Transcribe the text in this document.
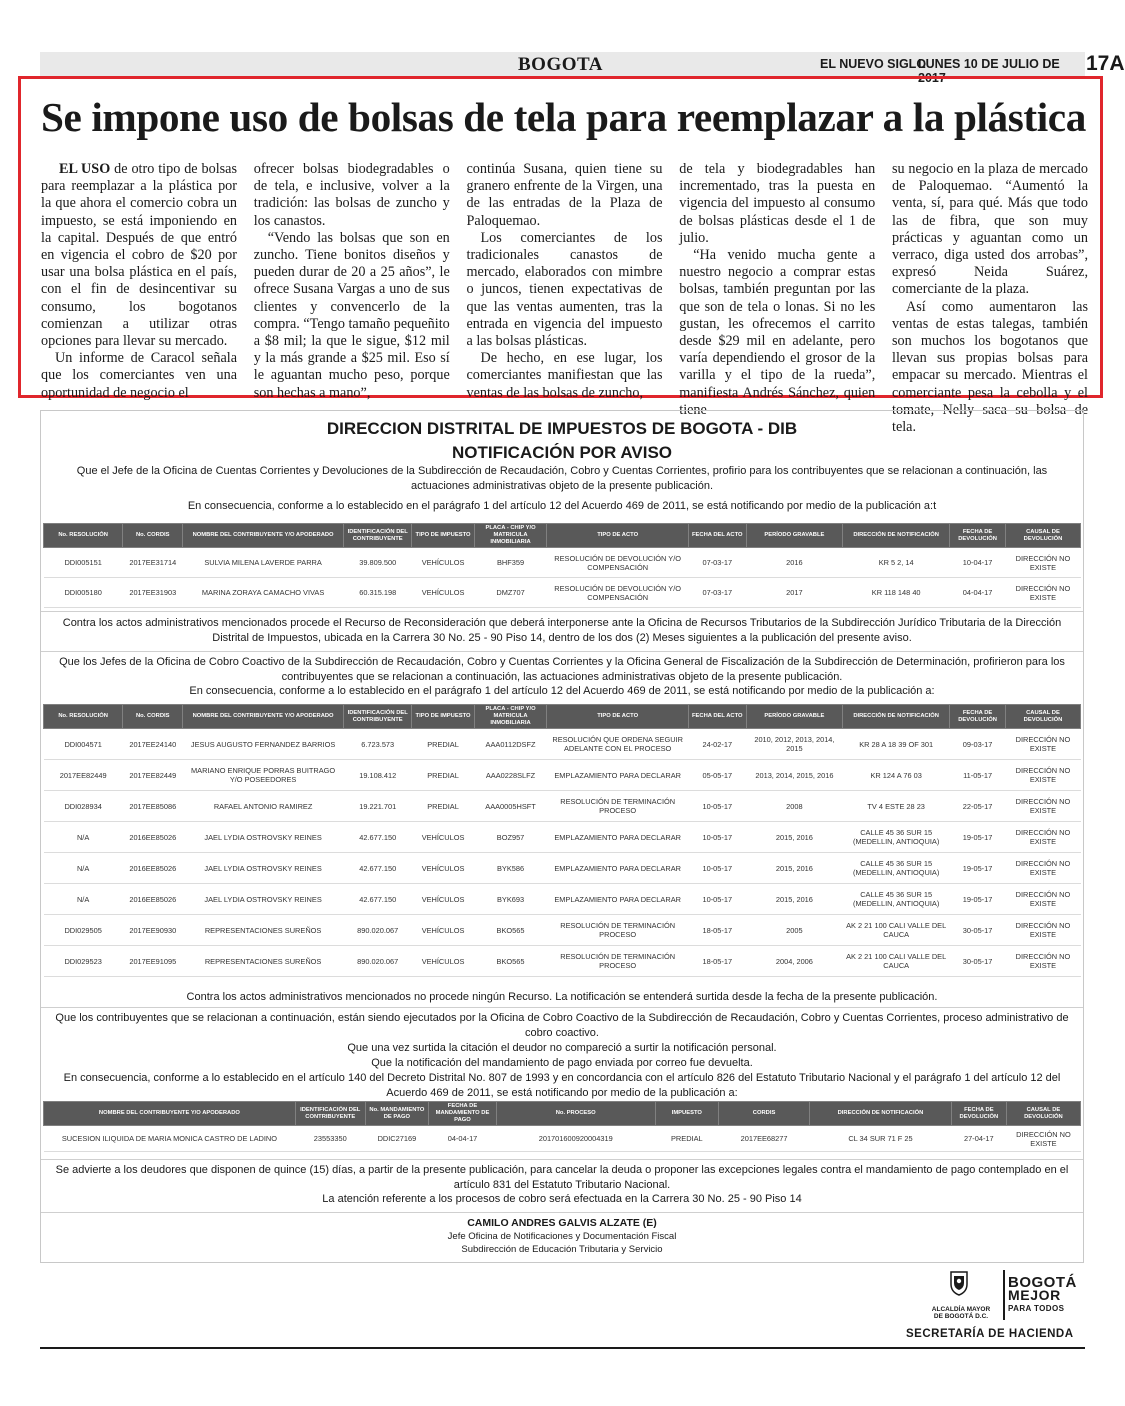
BOGOTA	EL NUEVO SIGLO
LUNES 10 DE JULIO DE 2017
17A
Se impone uso de bolsas de tela para reemplazar a la plástica

EL USO de otro tipo de bolsas para reemplazar a la plástica por la que ahora el comercio cobra un impuesto, se está imponiendo en la capital. Después de que entró en vigencia el cobro de $20 por usar una bolsa plástica en el país, con el fin de desincentivar su consumo, los bogotanos comienzan a utilizar otras opciones para llevar su mercado.

Un informe de Caracol señala que los comerciantes ven una oportunidad de negocio el

ofrecer bolsas biodegradables o de tela, e inclusive, volver a la tradición: las bolsas de zuncho y los canastos.

“Vendo las bolsas que son en zuncho. Tiene bonitos diseños y pueden durar de 20 a 25 años”, le ofrece Susana Vargas a uno de sus clientes y convencerlo de la compra. “Tengo tamaño pequeñito a $8 mil; la que le sigue, $12 mil y la más grande a $25 mil. Eso sí le aguantan mucho peso, porque son hechas a mano”,

continúa Susana, quien tiene su granero enfrente de la Virgen, una de las entradas de la Plaza de Paloquemao.

Los comerciantes de los tradicionales canastos de mercado, elaborados con mimbre o juncos, tienen expectativas de que las ventas aumenten, tras la entrada en vigencia del impuesto a las bolsas plásticas.

De hecho, en ese lugar, los comerciantes manifiestan que las ventas de las bolsas de zuncho,

de tela y biodegradables han incrementado, tras la puesta en vigencia del impuesto al consumo de bolsas plásticas desde el 1 de julio.

“Ha venido mucha gente a nuestro negocio a comprar estas bolsas, también preguntan por las que son de tela o lonas. Si no les gustan, les ofrecemos el carrito desde $29 mil en adelante, pero varía dependiendo el grosor de la varilla y el tipo de la rueda”, manifiesta Andrés Sánchez, quien tiene

su negocio en la plaza de mercado de Paloquemao. “Aumentó la venta, sí, para qué. Más que todo las de fibra, que son muy prácticas y aguantan como un verraco, diga usted dos arrobas”, expresó Neida Suárez, comerciante de la plaza.

Así como aumentaron las ventas de estas talegas, también son muchos los bogotanos que llevan sus propias bolsas para empacar su mercado. Mientras el comerciante pesa la cebolla y el tomate, Nelly saca su bolsa de tela.

DIRECCION DISTRITAL DE IMPUESTOS DE BOGOTA - DIB
NOTIFICACIÓN POR AVISO
Que el Jefe de la Oficina de Cuentas Corrientes y Devoluciones de la Subdirección de Recaudación, Cobro y Cuentas Corrientes, profirio para los contribuyentes que se relacionan a continuación, las actuaciones administrativas objeto de la presente publicación.
En consecuencia, conforme a lo establecido en el parágrafo 1 del artículo 12 del Acuerdo 469 de 2011, se está notificando por medio de la publicación a:t
No. RESOLUCIÓN	No. CORDIS	NOMBRE DEL CONTRIBUYENTE Y/O APODERADO	IDENTIFICACIÓN DEL CONTRIBUYENTE	TIPO DE IMPUESTO	PLACA - CHIP Y/O MATRICULA INMOBILIARIA	TIPO DE ACTO	FECHA DEL ACTO	PERÍODO GRAVABLE	DIRECCIÓN DE NOTIFICACIÓN	FECHA DE DEVOLUCIÓN	CAUSAL DE DEVOLUCIÓN
DDI005151	2017EE31714	SULVIA MILENA LAVERDE PARRA	39.809.500	VEHÍCULOS	BHF359	RESOLUCIÓN DE DEVOLUCIÓN Y/O COMPENSACIÓN	07-03-17	2016	KR 5 2, 14	10-04-17	DIRECCIÓN NO EXISTE
DDI005180	2017EE31903	MARINA ZORAYA CAMACHO VIVAS	60.315.198	VEHÍCULOS	DMZ707	RESOLUCIÓN DE DEVOLUCIÓN Y/O COMPENSACIÓN	07-03-17	2017	KR 118 148 40	04-04-17	DIRECCIÓN NO EXISTE
Contra los actos administrativos mencionados procede el Recurso de Reconsideración que deberá interponerse ante la Oficina de Recursos Tributarios de la Subdirección Jurídico Tributaria de la Dirección Distrital de Impuestos, ubicada en la Carrera 30 No. 25 - 90 Piso 14, dentro de los dos (2) Meses siguientes a la publicación del presente aviso.
Que los Jefes de la Oficina de Cobro Coactivo de la Subdirección de Recaudación, Cobro y Cuentas Corrientes y la Oficina General de Fiscalización de la Subdirección de Determinación, profirieron para los contribuyentes que se relacionan a continuación, las actuaciones administrativas objeto de la presente publicación.
En consecuencia, conforme a lo establecido en el parágrafo 1 del artículo 12 del Acuerdo 469 de 2011, se está notificando por medio de la publicación a:
No. RESOLUCIÓN	No. CORDIS	NOMBRE DEL CONTRIBUYENTE Y/O APODERADO	IDENTIFICACIÓN DEL CONTRIBUYENTE	TIPO DE IMPUESTO	PLACA - CHIP Y/O MATRICULA INMOBILIARIA	TIPO DE ACTO	FECHA DEL ACTO	PERÍODO GRAVABLE	DIRECCIÓN DE NOTIFICACIÓN	FECHA DE DEVOLUCIÓN	CAUSAL DE DEVOLUCIÓN
DDI004571	2017EE24140	JESUS AUGUSTO FERNANDEZ BARRIOS	6.723.573	PREDIAL	AAA0112DSFZ	RESOLUCIÓN QUE ORDENA SEGUIR ADELANTE CON EL PROCESO	24-02-17	2010, 2012, 2013, 2014, 2015	KR 28 A 18 39 OF 301	09-03-17	DIRECCIÓN NO EXISTE
2017EE82449	2017EE82449	MARIANO ENRIQUE PORRAS BUITRAGO Y/O POSEEDORES	19.108.412	PREDIAL	AAA0228SLFZ	EMPLAZAMIENTO PARA DECLARAR	05-05-17	2013, 2014, 2015, 2016	KR 124 A 76 03	11-05-17	DIRECCIÓN NO EXISTE
DDI028934	2017EE85086	RAFAEL ANTONIO RAMIREZ	19.221.701	PREDIAL	AAA0005HSFT	RESOLUCIÓN DE TERMINACIÓN PROCESO	10-05-17	2008	TV 4 ESTE 28 23	22-05-17	DIRECCIÓN NO EXISTE
N/A	2016EE85026	JAEL LYDIA OSTROVSKY REINES	42.677.150	VEHÍCULOS	BOZ957	EMPLAZAMIENTO PARA DECLARAR	10-05-17	2015, 2016	CALLE 45 36 SUR 15 (MEDELLIN, ANTIOQUIA)	19-05-17	DIRECCIÓN NO EXISTE
N/A	2016EE85026	JAEL LYDIA OSTROVSKY REINES	42.677.150	VEHÍCULOS	BYK586	EMPLAZAMIENTO PARA DECLARAR	10-05-17	2015, 2016	CALLE 45 36 SUR 15 (MEDELLIN, ANTIOQUIA)	19-05-17	DIRECCIÓN NO EXISTE
N/A	2016EE85026	JAEL LYDIA OSTROVSKY REINES	42.677.150	VEHÍCULOS	BYK693	EMPLAZAMIENTO PARA DECLARAR	10-05-17	2015, 2016	CALLE 45 36 SUR 15 (MEDELLIN, ANTIOQUIA)	19-05-17	DIRECCIÓN NO EXISTE
DDI029505	2017EE90930	REPRESENTACIONES SUREÑOS	890.020.067	VEHÍCULOS	BKO565	RESOLUCIÓN DE TERMINACIÓN PROCESO	18-05-17	2005	AK 2 21 100 CALI VALLE DEL CAUCA	30-05-17	DIRECCIÓN NO EXISTE
DDI029523	2017EE91095	REPRESENTACIONES SUREÑOS	890.020.067	VEHÍCULOS	BKO565	RESOLUCIÓN DE TERMINACIÓN PROCESO	18-05-17	2004, 2006	AK 2 21 100 CALI VALLE DEL CAUCA	30-05-17	DIRECCIÓN NO EXISTE
Contra los actos administrativos mencionados no procede ningún Recurso. La notificación se entenderá surtida desde la fecha de la presente publicación.
Que los contribuyentes que se relacionan a continuación, están siendo ejecutados por la Oficina de Cobro Coactivo de la Subdirección de Recaudación, Cobro y Cuentas Corrientes, proceso administrativo de cobro coactivo.
Que una vez surtida la citación el deudor no compareció a surtir la notificación personal.
Que la notificación del mandamiento de pago enviada por correo fue devuelta.
En consecuencia, conforme a lo establecido en el artículo 140 del Decreto Distrital No. 807 de 1993 y en concordancia con el artículo 826 del Estatuto Tributario Nacional y el parágrafo 1 del artículo 12 del Acuerdo 469 de 2011, se está notificando por medio de la publicación a:
NOMBRE DEL CONTRIBUYENTE Y/O APODERADO	IDENTIFICACIÓN DEL CONTRIBUYENTE	No. MANDAMIENTO DE PAGO	FECHA DE MANDAMIENTO DE PAGO	No. PROCESO	IMPUESTO	CORDIS	DIRECCIÓN DE NOTIFICACIÓN	FECHA DE DEVOLUCIÓN	CAUSAL DE DEVOLUCIÓN
SUCESION ILIQUIDA DE MARIA MONICA CASTRO DE LADINO	23553350	DDIC27169	04-04-17	201701600920004319	PREDIAL	2017EE68277	CL 34 SUR 71 F 25	27-04-17	DIRECCIÓN NO EXISTE
Se advierte a los deudores que disponen de quince (15) días, a partir de la presente publicación, para cancelar la deuda o proponer las excepciones legales contra el mandamiento de pago contemplado en el artículo 831 del Estatuto Tributario Nacional.
La atención referente a los procesos de cobro será efectuada en la Carrera 30 No. 25 - 90 Piso 14
CAMILO ANDRES GALVIS ALZATE (E)
Jefe Oficina de Notificaciones y Documentación Fiscal
Subdirección de Educación Tributaria y Servicio
ALCALDÍA MAYOR
DE BOGOTÁ D.C.
BOGOTÁ
MEJOR
PARA TODOS
SECRETARÍA DE HACIENDA
